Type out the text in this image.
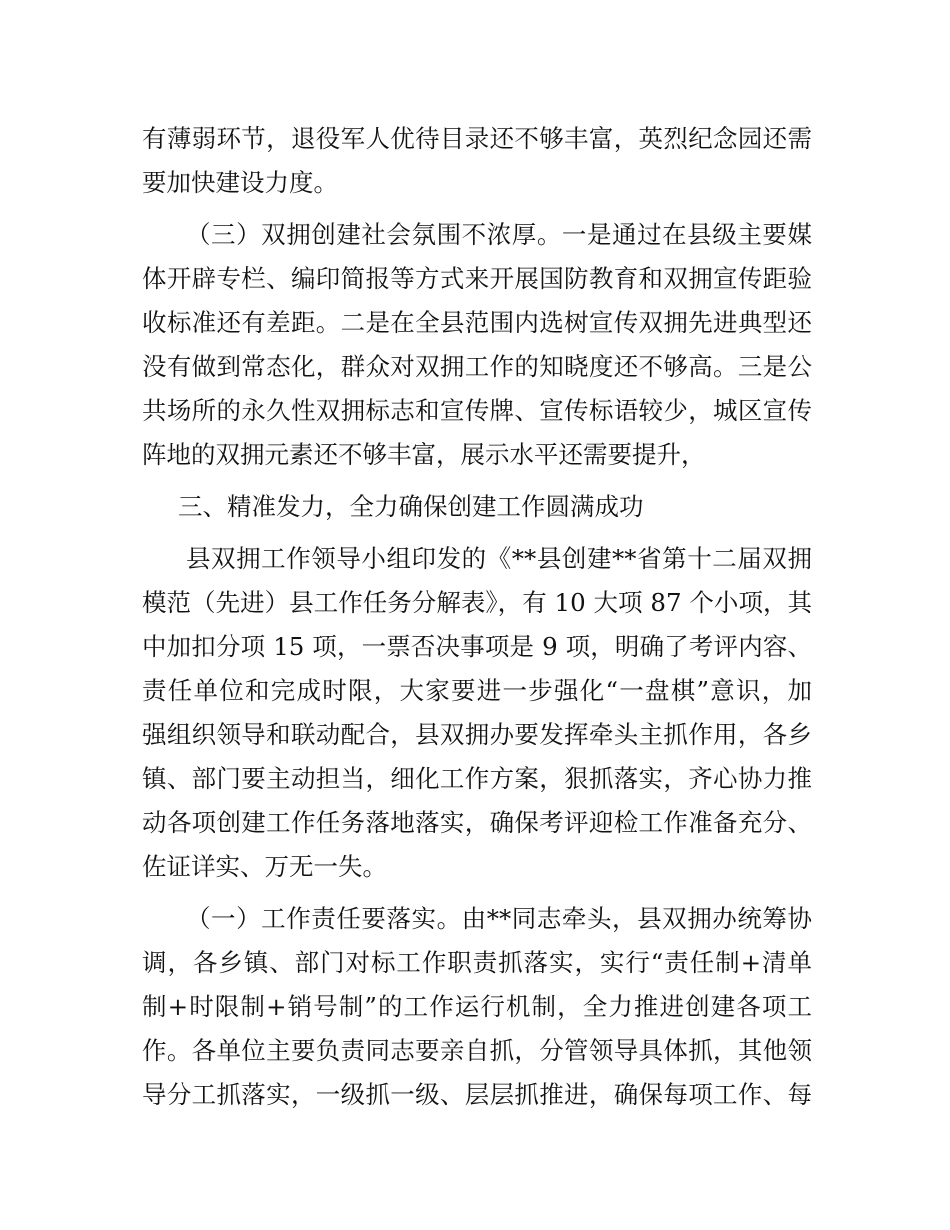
有薄弱环节，退役军人优待目录还不够丰富，英烈纪念园还需

要加快建设力度。

（三）双拥创建社会氛围不浓厚。一是通过在县级主要媒

体开辟专栏、编印简报等方式来开展国防教育和双拥宣传距验

收标准还有差距。二是在全县范围内选树宣传双拥先进典型还

没有做到常态化，群众对双拥工作的知晓度还不够高。三是公

共场所的永久性双拥标志和宣传牌、宣传标语较少，城区宣传

阵地的双拥元素还不够丰富，展示水平还需要提升，

三、精准发力，全力确保创建工作圆满成功

县双拥工作领导小组印发的《**县创建**省第十二届双拥

模范（先进）县工作任务分解表》，有 10 大项 87 个小项，其

中加扣分项 15 项，一票否决事项是 9 项，明确了考评内容、

责任单位和完成时限，大家要进一步强化“一盘棋”意识，加

强组织领导和联动配合，县双拥办要发挥牵头主抓作用，各乡

镇、部门要主动担当，细化工作方案，狠抓落实，齐心协力推

动各项创建工作任务落地落实，确保考评迎检工作准备充分、

佐证详实、万无一失。

（一）工作责任要落实。由**同志牵头，县双拥办统筹协

调，各乡镇、部门对标工作职责抓落实，实行“责任制+清单

制+时限制+销号制”的工作运行机制，全力推进创建各项工

作。各单位主要负责同志要亲自抓，分管领导具体抓，其他领

导分工抓落实，一级抓一级、层层抓推进，确保每项工作、每
